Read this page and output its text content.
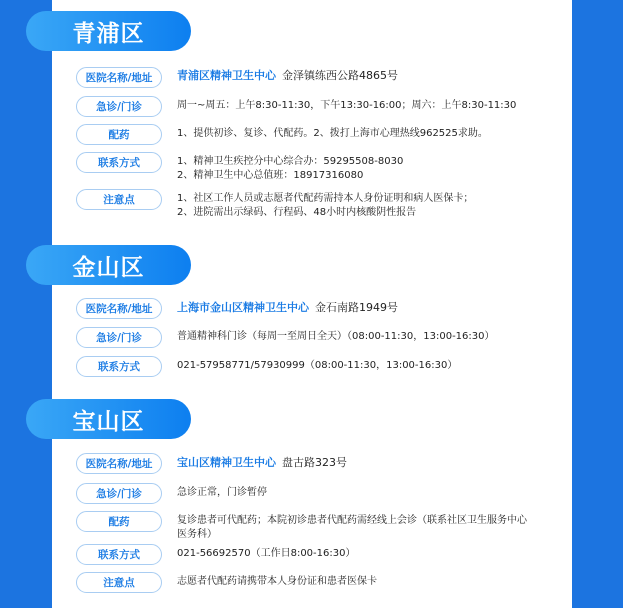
青浦区
医院名称/地址	青浦区精神卫生中心 金泽镇练西公路4865号
急诊/门诊	周一~周五：上午8:30-11:30，下午13:30-16:00；周六：上午8:30-11:30
配药	1、提供初诊、复诊、代配药。2、拨打上海市心理热线962525求助。
联系方式	1、精神卫生疾控分中心综合办：59295508-8030
2、精神卫生中心总值班：18917316080
注意点	1、社区工作人员或志愿者代配药需持本人身份证明和病人医保卡；
2、进院需出示绿码、行程码、48小时内核酸阴性报告
金山区
医院名称/地址	上海市金山区精神卫生中心 金石南路1949号
急诊/门诊	普通精神科门诊（每周一至周日全天）（08:00-11:30，13:00-16:30）
联系方式	021-57958771/57930999（08:00-11:30，13:00-16:30）
宝山区
医院名称/地址	宝山区精神卫生中心 盘古路323号
急诊/门诊	急诊正常，门诊暂停
配药	复诊患者可代配药；本院初诊患者代配药需经线上会诊（联系社区卫生服务中心
医务科）
联系方式	021-56692570（工作日8:00-16:30）
注意点	志愿者代配药请携带本人身份证和患者医保卡
